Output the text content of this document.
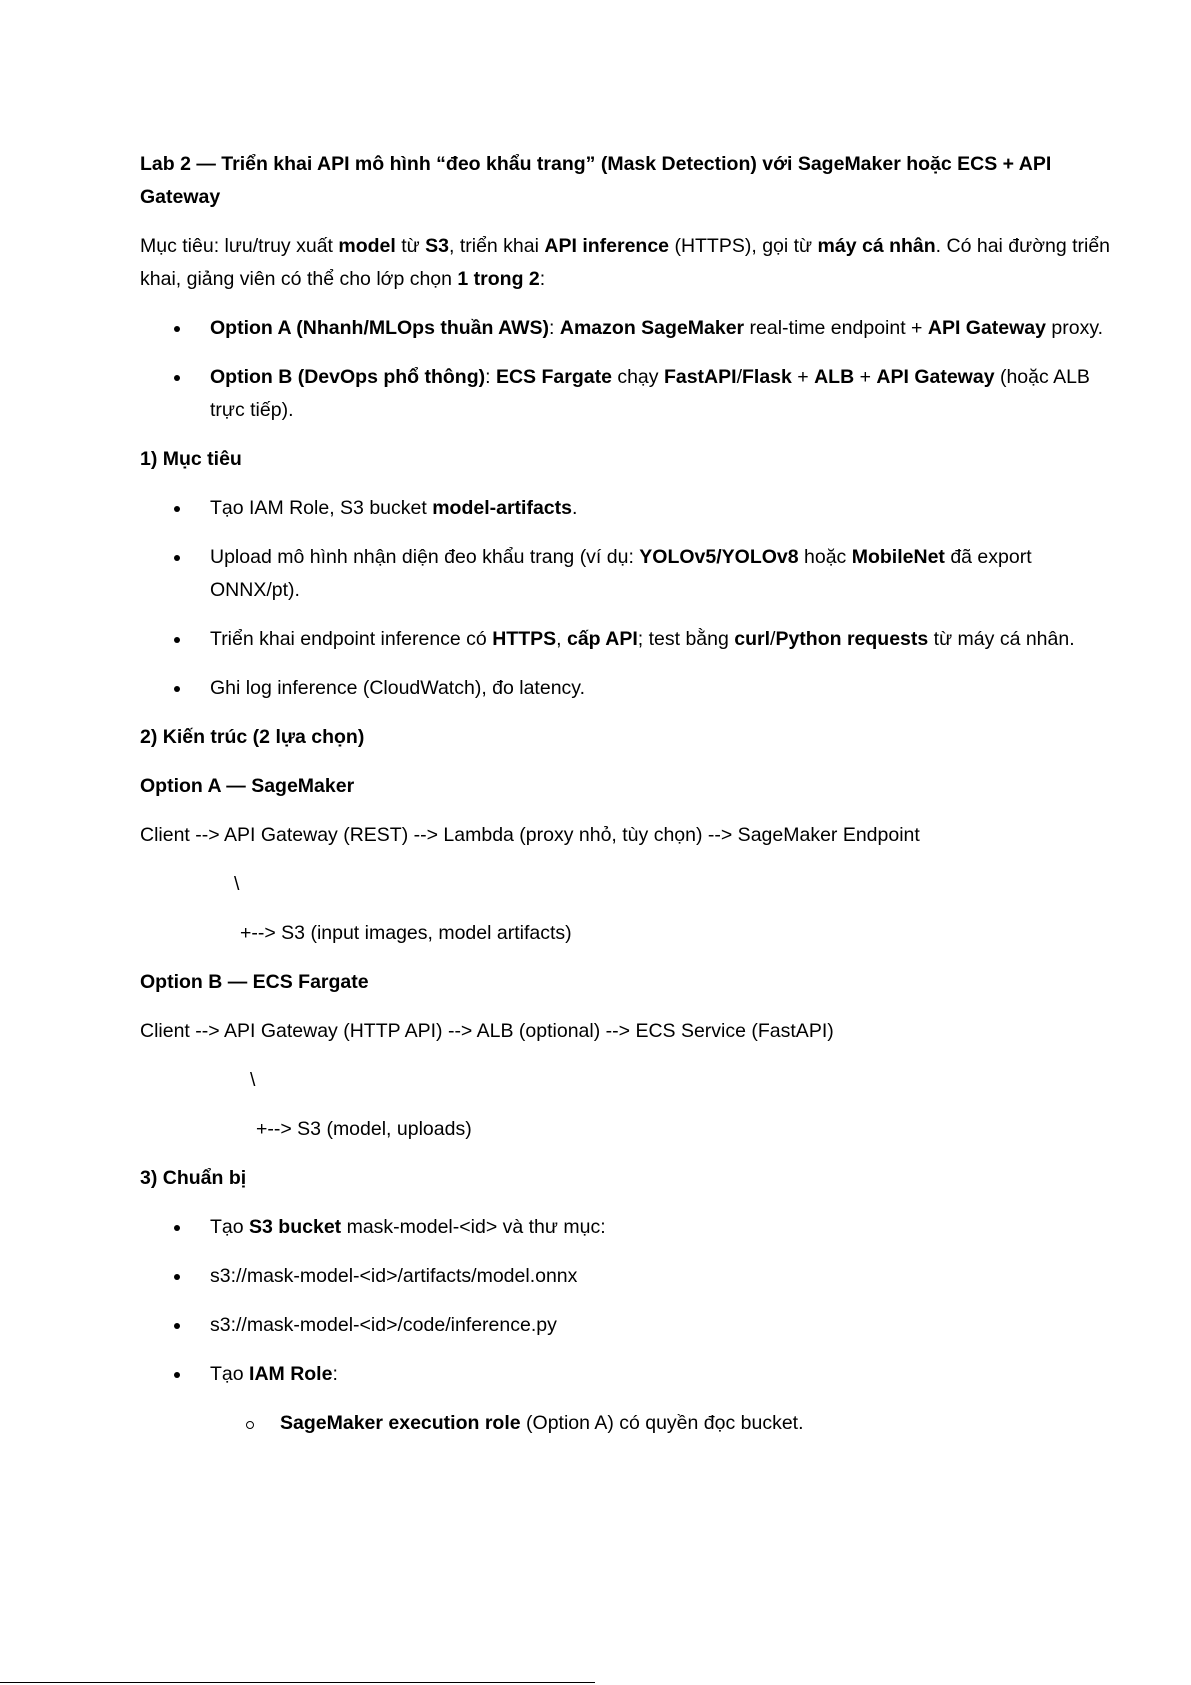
Lab 2 — Triển khai API mô hình “đeo khẩu trang” (Mask Detection) với SageMaker hoặc ECS + API Gateway

Mục tiêu: lưu/truy xuất model từ S3, triển khai API inference (HTTPS), gọi từ máy cá nhân. Có hai đường triển khai, giảng viên có thể cho lớp chọn 1 trong 2:

Option A (Nhanh/MLOps thuần AWS): Amazon SageMaker real-time endpoint + API Gateway proxy.
Option B (DevOps phổ thông): ECS Fargate chạy FastAPI/Flask + ALB + API Gateway (hoặc ALB trực tiếp).

1) Mục tiêu

Tạo IAM Role, S3 bucket model-artifacts.
Upload mô hình nhận diện đeo khẩu trang (ví dụ: YOLOv5/YOLOv8 hoặc MobileNet đã export ONNX/pt).
Triển khai endpoint inference có HTTPS, cấp API; test bằng curl/Python requests từ máy cá nhân.
Ghi log inference (CloudWatch), đo latency.

2) Kiến trúc (2 lựa chọn)

Option A — SageMaker

Client --> API Gateway (REST) --> Lambda (proxy nhỏ, tùy chọn) --> SageMaker Endpoint

\

+--> S3 (input images, model artifacts)

Option B — ECS Fargate

Client --> API Gateway (HTTP API) --> ALB (optional) --> ECS Service (FastAPI)

\

+--> S3 (model, uploads)

3) Chuẩn bị

Tạo S3 bucket mask-model-<id> và thư mục:
s3://mask-model-<id>/artifacts/model.onnx
s3://mask-model-<id>/code/inference.py
Tạo IAM Role:
SageMaker execution role (Option A) có quyền đọc bucket.
